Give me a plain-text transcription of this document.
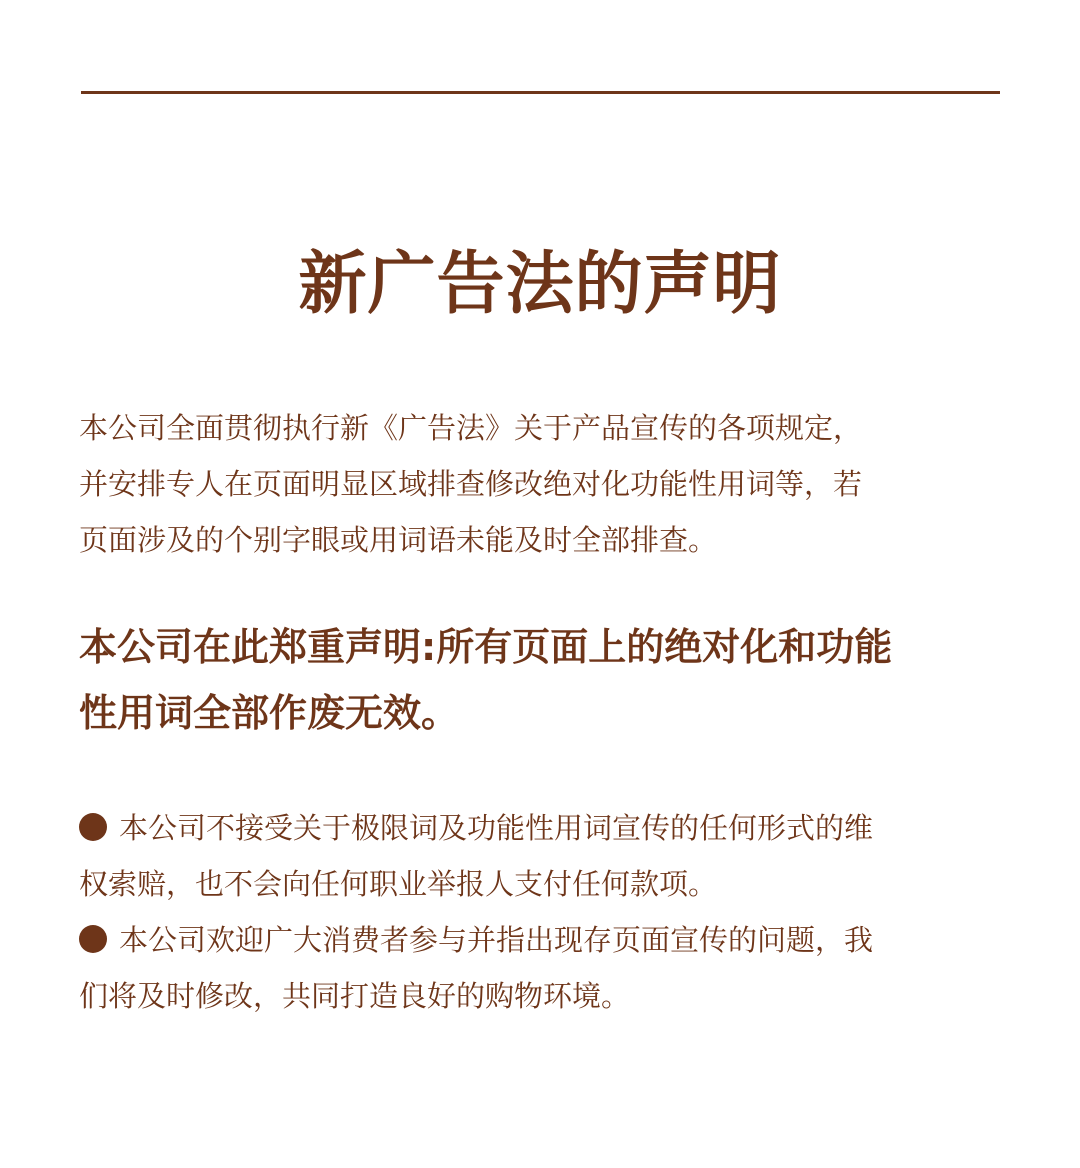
新广告法的声明

本公司全面贯彻执行新《广告法》关于产品宣传的各项规定，

并安排专人在页面明显区域排查修改绝对化功能性用词等，若

页面涉及的个别字眼或用词语未能及时全部排查。

本公司在此郑重声明:所有页面上的绝对化和功能

性用词全部作废无效。

本公司不接受关于极限词及功能性用词宣传的任何形式的维

权索赔，也不会向任何职业举报人支付任何款项。

本公司欢迎广大消费者参与并指出现存页面宣传的问题，我

们将及时修改，共同打造良好的购物环境。
